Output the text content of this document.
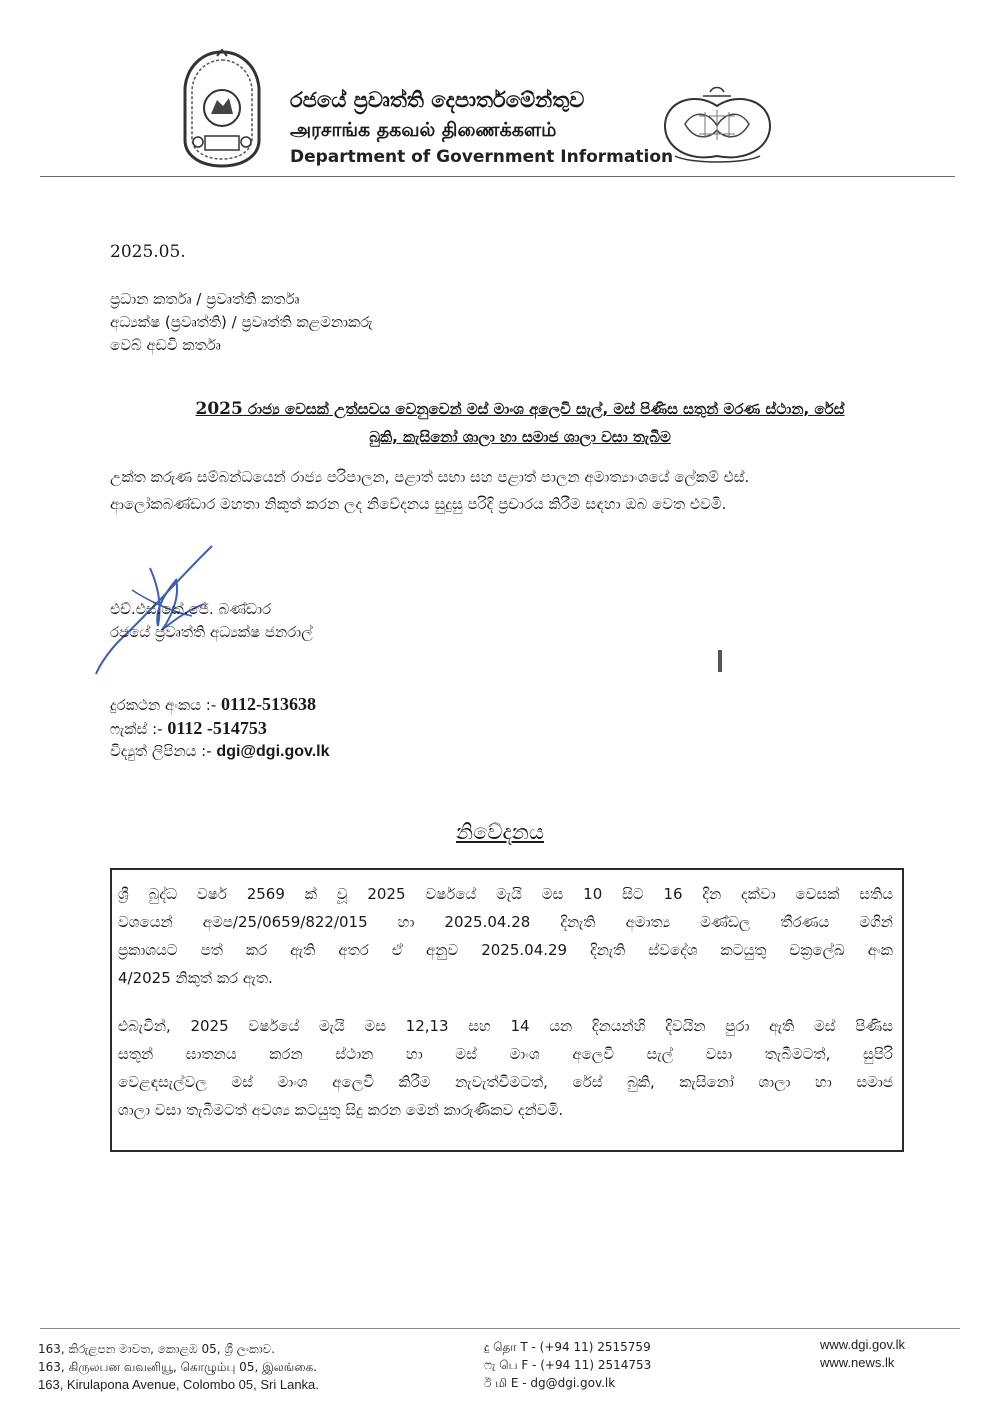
රජයේ ප්‍රවෘත්ති දෙපාර්තමේන්තුව
அரசாங்க தகவல் திணைக்களம்
Department of Government Information
2025.05.
ප්‍රධාන කර්තෘ / ප්‍රවෘත්ති කර්තෘ
අධ්‍යක්ෂ (ප්‍රවෘත්ති) / ප්‍රවෘත්ති කළමනාකරු
වෙබ් අඩවි කර්තෘ
2025 රාජ්‍ය වෙසක් උත්සවය වෙනුවෙන් මස් මාංශ අලෙවි සැල්, මස් පිණිස සතුන් මරණ ස්ථාන, රේස්
බුකි, කැසිනෝ ශාලා හා සමාජ ශාලා වසා තැබීම
උක්ත කරුණ සම්බන්ධයෙන් රාජ්‍ය පරිපාලන, පළාත් සභා සහ පළාත් පාලන අමාත්‍යාංශයේ ලේකම් එස්.
ආලෝකබණ්ඩාර මහතා නිකුත් කරන ලද නිවේදනය සුදුසු පරිදි ප්‍රචාරය කිරීම සඳහා ඔබ වෙත එවමි.
එච්.එස්.කේ.ජේ. බණ්ඩාර
රජයේ ප්‍රවෘත්ති අධ්‍යක්ෂ ජනරාල්
දුරකථන අංකය :- 0112-513638
ෆැක්ස් :- 0112 -514753
විද්‍යුත් ලිපිනය :- dgi@dgi.gov.lk
නිවේදනය
ශ්‍රී බුද්ධ වර්ෂ 2569 ක් වූ 2025 වර්ෂයේ මැයි මස 10 සිට 16 දින දක්වා වෙසක් සතිය
වශයෙන් අමප/25/0659/822/015 හා 2025.04.28 දිනැති අමාත්‍ය මණ්ඩල තීරණය මගින්
ප්‍රකාශයට පත් කර ඇති අතර ඒ අනුව 2025.04.29 දිනැති ස්වදේශ කටයුතු චක්‍රලේඛ අංක
4/2025 නිකුත් කර ඇත.
එබැවින්, 2025 වර්ෂයේ මැයි මස 12,13 සහ 14 යන දිනයන්හි දිවයින පුරා ඇති මස් පිණිස
සතුන් ඝාතනය කරන ස්ථාන හා මස් මාංශ අලෙවි සැල් වසා තැබීමටත්, සුපිරි
වෙළඳසැල්වල මස් මාංශ අලෙවි කිරීම නැවැත්වීමටත්, රේස් බුකි, කැසිනෝ ශාලා හා සමාජ
ශාලා වසා තැබීමටත් අවශ්‍ය කටයුතු සිදු කරන මෙන් කාරුණිකව දන්වමි.
163, කිරුළපන මාවත, කොළඹ 05, ශ්‍රී ලංකාව.
163, கிருலபன வவனியூ, கொழும்பு 05, இலங்கை.
163, Kirulapona Avenue, Colombo 05, Sri Lanka.
දු தொ T - (+94 11) 2515759
ෆැ பெ F - (+94 11) 2514753
ඊ மி E - dg@dgi.gov.lk
www.dgi.gov.lk
www.news.lk
